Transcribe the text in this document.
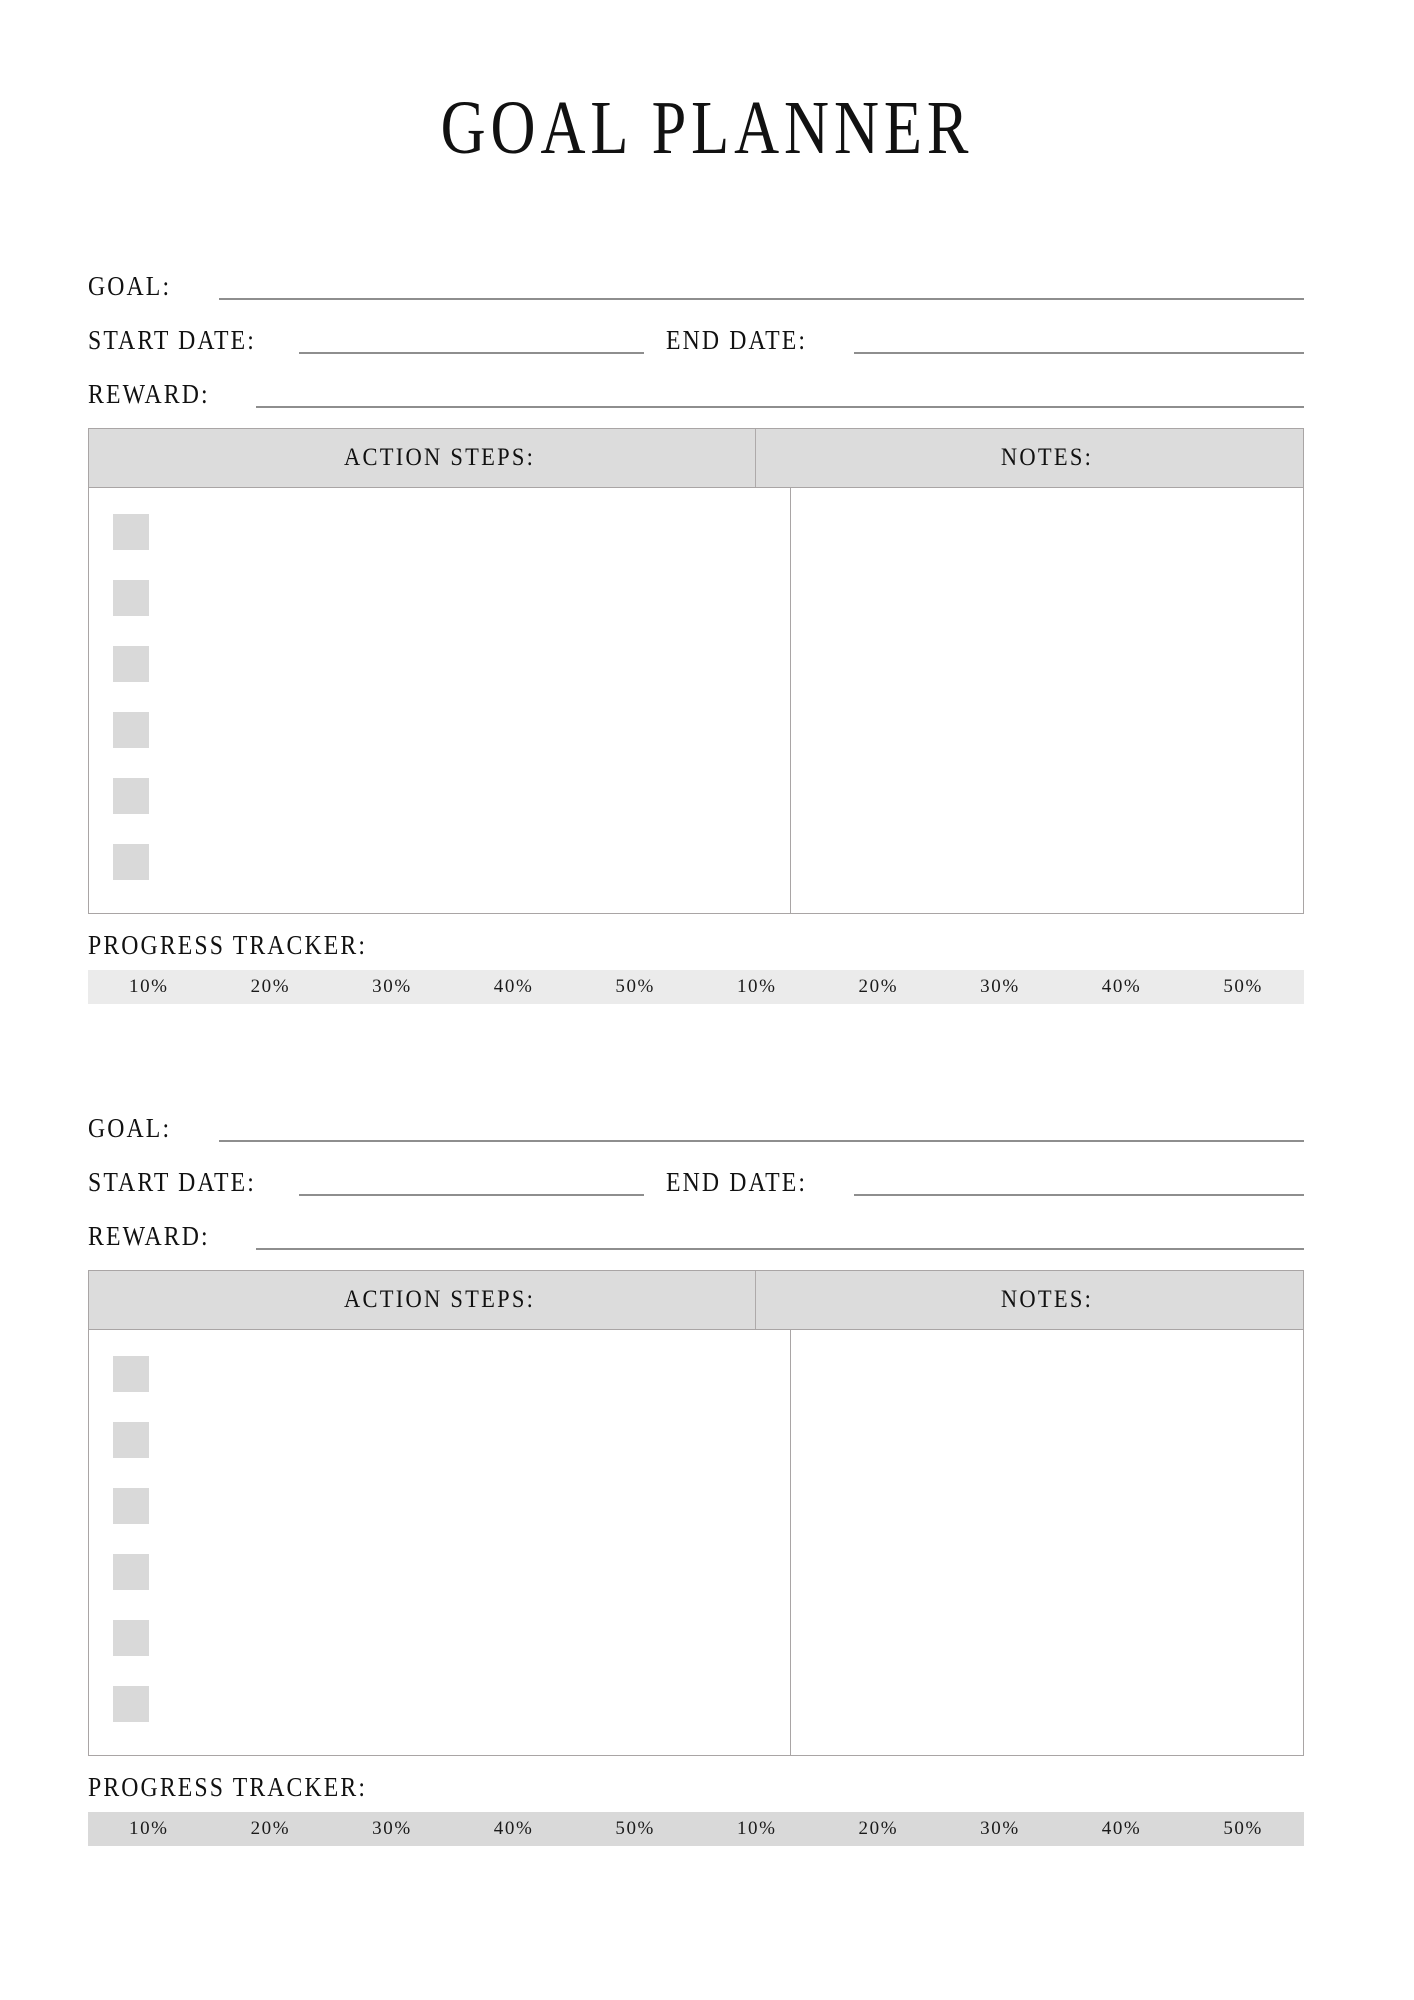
GOAL PLANNER
GOAL:
START DATE:	END DATE:
REWARD:
ACTION STEPS:	NOTES:
PROGRESS TRACKER:
10%	20%	30%	40%	50%	10%	20%	30%	40%	50%
GOAL:
START DATE:	END DATE:
REWARD:
ACTION STEPS:	NOTES:
PROGRESS TRACKER:
10%	20%	30%	40%	50%	10%	20%	30%	40%	50%
